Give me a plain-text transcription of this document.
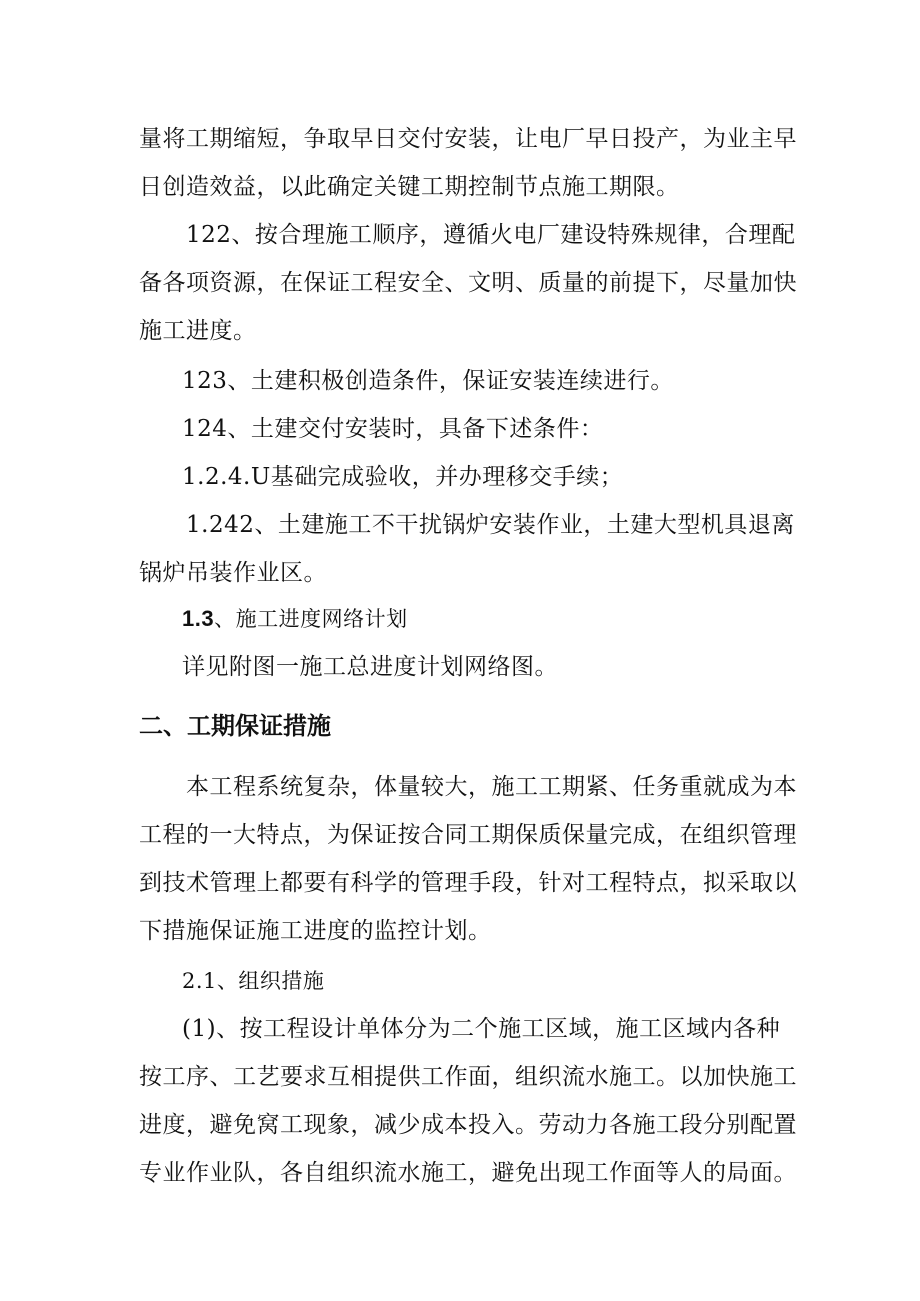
量将工期缩短，争取早日交付安装，让电厂早日投产，为业主早
日创造效益，以此确定关键工期控制节点施工期限。
122、按合理施工顺序，遵循火电厂建设特殊规律，合理配
备各项资源，在保证工程安全、文明、质量的前提下，尽量加快
施工进度。
123、土建积极创造条件，保证安装连续进行。
124、土建交付安装时，具备下述条件：
1.2.4.U基础完成验收，并办理移交手续；
1.242、土建施工不干扰锅炉安装作业，土建大型机具退离
锅炉吊装作业区。
1.3、施工进度网络计划
详见附图一施工总进度计划网络图。
二、工期保证措施
本工程系统复杂，体量较大，施工工期紧、任务重就成为本
工程的一大特点，为保证按合同工期保质保量完成，在组织管理
到技术管理上都要有科学的管理手段，针对工程特点，拟采取以
下措施保证施工进度的监控计划。
2.1、组织措施
(1)、按工程设计单体分为二个施工区域，施工区域内各种
按工序、工艺要求互相提供工作面，组织流水施工。以加快施工
进度，避免窝工现象，减少成本投入。劳动力各施工段分别配置
专业作业队，各自组织流水施工，避免出现工作面等人的局面。
